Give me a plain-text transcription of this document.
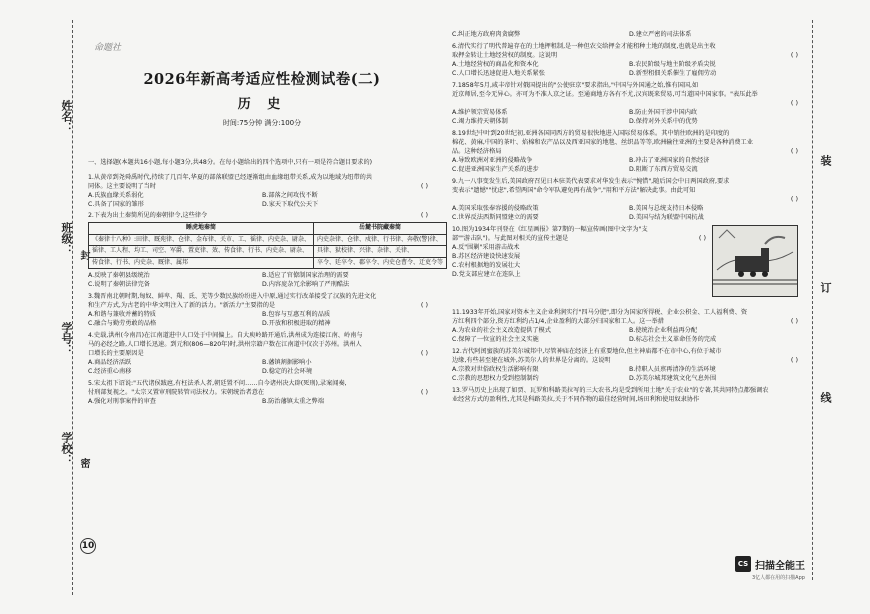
姓名：
班级： 封
学号：
学校： 密
装
订
线
命题社
2026年新高考适应性检测试卷(二)
历 史
时间:75分钟 满分:100分
一、选择题(本题共16小题,每小题3分,共48分。在每小题给出的四个选项中,只有一项是符合题目要求的)
1.从黄帝到尧舜禹时代,持续了几百年,华夏的部落联盟已经逐渐组由血缘组带关系,成为以地域为纽带的共
同体。这主要说明了当时	( )
A.氏族血缘关系弱化	B.部落之间攻伐不断
C.具备了国家的雏形	D.家天下取代公天下
2.下表为出土秦简所见的秦朝律令,这些律令	( )
睡虎地秦简	岳麓书院藏秦简
《秦律十八种》:田律、厩苑律、仓律、金布律、关市、工、徭律、内史杂、尉杂、	内史杂律、仓律、戍律、行书律、奔敬(警)律、
徭律、工人程、均工、司空、军爵、置吏律、效、传食律、行书、内史杂、尉杂、	具律、狱校律、兴律、杂律、关律、
传食律、行书、内史杂、厩律、属邦	卒令、廷卒令、郡卒令、内史仓曹令、迁吏令等
A.反映了秦朝县级统治	B.适应了官僚制国家治理的需要
C.说明了秦朝法律完备	D.内容庞杂冗余影响了严刑酷法
3.魏晋南北朝时期,匈奴、鲜卑、羯、氐、羌等少数民族纷纷进入中原,通过实行改革接受了汉族的先进文化
和生产方式,为古老的中华文明注入了新的活力。"新活力"主要指的是	( )
A.和谐与兼收并蓄的特质	B.包容与互惠互利的品质
C.融合与勤劳勇敢的品格	D.开放和积极进取的精神
4.史载,洪州(今南昌)在江南道进中人口处于中间偏上。自大庾岭路开通后,洪州成为连接江南、岭南与
马的必经之路,人口增长迅速。到元和(806—820年)时,洪州宗籍户数在江南道中仅次于苏州。洪州人
口增长的主要原因是	( )
A.商品经济活跃	B.藩镇割据影响小
C.经济重心南移	D.稳定的社会环境
5.宋太祖下诏说:"五代诸侯跋扈,有枉法杀人者,朝廷置不问……自今诸州决大辟(死刑),录案闻奏,
付刑部复视之。"太宗又置审刑院转管司法权力。宋朝统治者意在	( )
A.强化对刑事案件的审查	B.防治藩镇太重之弊端
C.纠正地方政府肉贪腐弊	D.建立严密的司法体系
6.清代实行了明代普遍存在的土地押租制,是一种但农交给押金才能租种土地的制度,也就是出主收
取押金转让土地经营权的制度。这说明	( )
A.土地经营权的商品化和资本化	B.农民阶级与地主阶级矛盾尖锐
C.人口增长迅速促进人地关系紧张	D.新型租佃关系催生了雇佣劳动
7.1858年5月,咸丰帝针对俄国提出的"公使驻京"要求指出,"中国与外国通之始,惟有国国,如
近京师居,至今无异心。亦可为不准人京之证。至通商地方各有不尤,汉宾既来贸易,可当道国中国家事。"表压此举
( )
A.维护领宗贸易体系	B.防止外国干涉中国内政
C.竭力维持天朝体制	D.保持对外关系中的优势
8.19世纪中叶到20世纪初,亚洲各国同西方的贸易很快地进入国际贸易体系。其中销往欧洲的是印度的
棉花、黄麻,中国的茶叶、焰棉和农产品以及西亚国家的地毯、丝织品等等,欧洲输往亚洲的主要是各种消费工业
品。这种经济格局	( )
A.导致欧洲对亚洲的侵略战争	B.冲击了亚洲国家的自然经济
C.促进亚洲国家生产关系的进步	D.阻断了东西方贸易交流
9.九一八事变发生后,美国政府召见日本驻美代表要求对华发生表示"惋惜",随后国会中日两国政府,要求
变表示"遗憾""忧虑",希望两国"命令军队避免再有战争","用和平方法"解决此事。由此可知
( )
A.美国采取张奉容援的侵略政策	B.美国与总统支持日本侵略
C.世界反法西斯同盟建立的需要	D.美国与结为联盟中国抗战
10.图为1934年刊登在《红星画报》第7期的一幅宣传画(图中文字为"支
部""游击队")。与此图对相关的宣传主题是	( )
A.反"围剿"采用游击战术
B.苏区经济建设快速发展
C.农村根据地的发展壮大
D.党支部应建立在连队上
11.1933年开始,国家对资本主义企业利润实行"四马分肥",即分为国家所得税、企业公积金、工人福利费、资
方红利四个部分,资方红利约占1/4,企业盈利的大部分归国家和工人。这一举措	( )
A.为农业的社会主义改造提供了模式	B.使统治企业利益再分配
C.保障了一位宣的社会主义实施	D.标志社会主义革命任务的完成
12.古代阿闰蜜族的苏美尔城邦中,尽管神庙在经济上有重要地位,但主神庙都不在市中心,有位于城市
边缘,有些甚至建在城外,苏美尔人的世界是分离的。这说明	( )
A.宗教对世俗政权生活影响有限	B.持职人员禀再清净的生活环境
C.宗教的思想权力受到控制制约	D.苏美尔城邦建筑文化气息外围
13.罗马历史上出现了如贾、瓦罗和科路美拉写的三大农书,均是受到所用土地"关于农业"的专著,其共同特点都强调农
业经营方式的盈利性,尤其是科路美拉,关于不同作物的最佳经营时间,场田利和使用奴隶协作
10
CS 扫描全能王
3亿人都在用的扫描App
